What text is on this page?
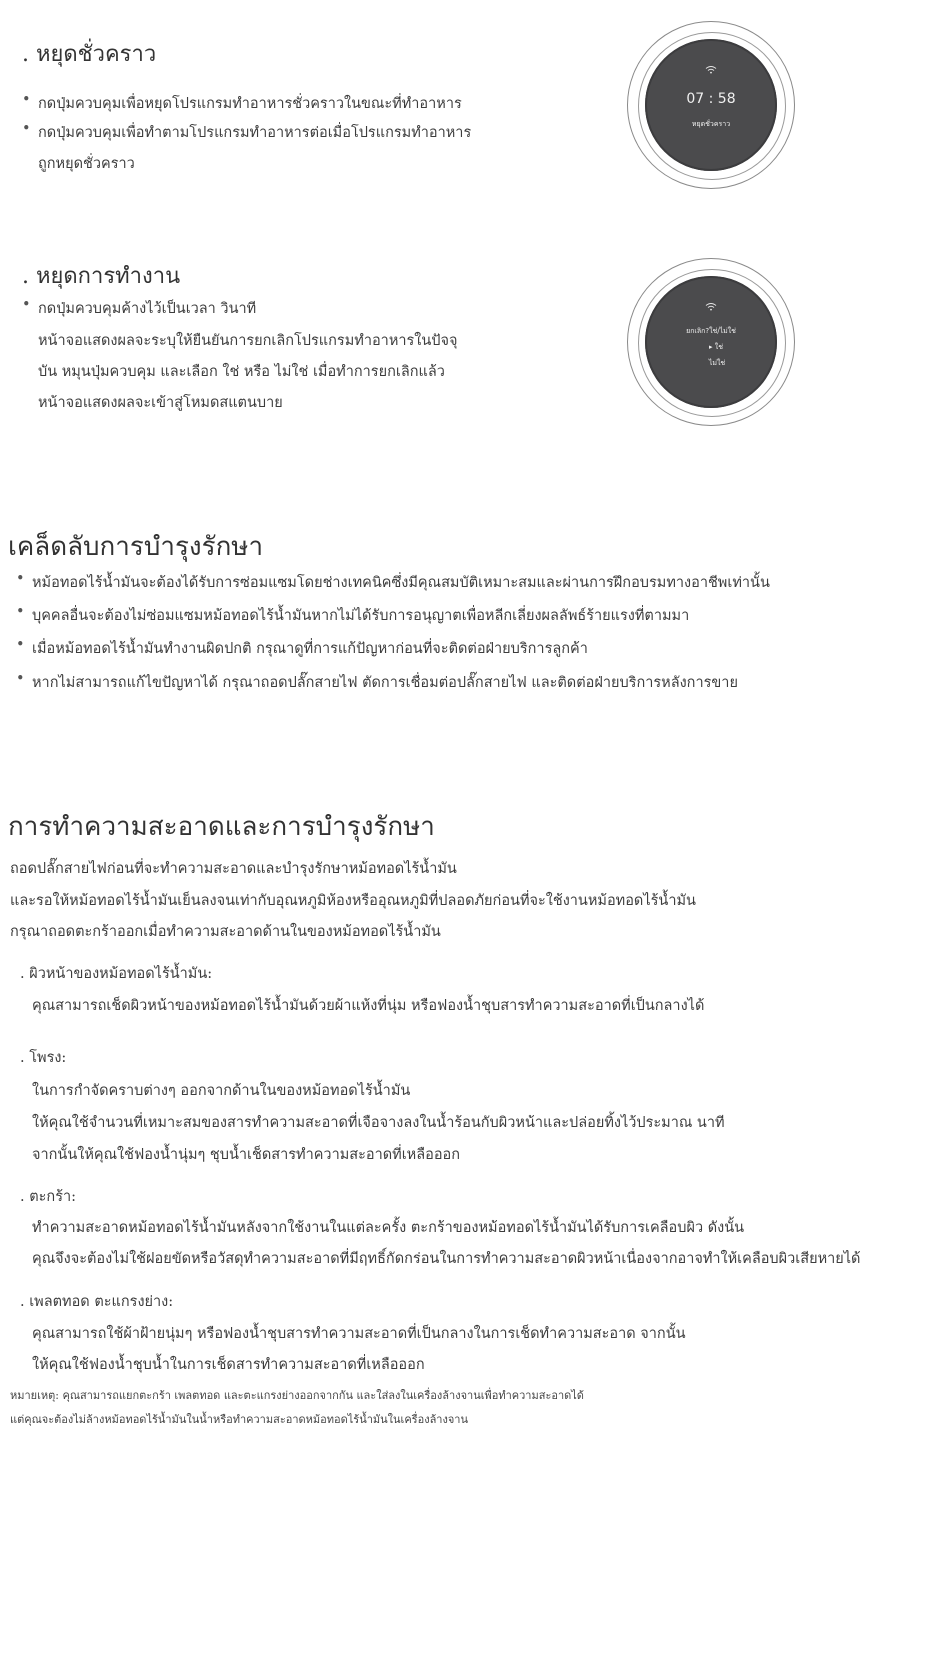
. หยุดชั่วคราว
• กดปุ่มควบคุมเพื่อหยุดโปรแกรมทำอาหารชั่วคราวในขณะที่ทำอาหาร
• กดปุ่มควบคุมเพื่อทำตามโปรแกรมทำอาหารต่อเมื่อโปรแกรมทำอาหาร
ถูกหยุดชั่วคราว
07 : 58
หยุดชั่วคราว
. หยุดการทำงาน
• กดปุ่มควบคุมค้างไว้เป็นเวลา วินาที
หน้าจอแสดงผลจะระบุให้ยืนยันการยกเลิกโปรแกรมทำอาหารในปัจจุ
บัน หมุนปุ่มควบคุม และเลือก ใช่ หรือ ไม่ใช่ เมื่อทำการยกเลิกแล้ว
หน้าจอแสดงผลจะเข้าสู่โหมดสแตนบาย
ยกเลิก?ใช่/ไม่ใช่
▸ ใช่
ไม่ใช่
เคล็ดลับการบำรุงรักษา
• หม้อทอดไร้น้ำมันจะต้องได้รับการซ่อมแซมโดยช่างเทคนิคซึ่งมีคุณสมบัติเหมาะสมและผ่านการฝึกอบรมทางอาชีพเท่านั้น
• บุคคลอื่นจะต้องไม่ซ่อมแซมหม้อทอดไร้น้ำมันหากไม่ได้รับการอนุญาตเพื่อหลีกเลี่ยงผลลัพธ์ร้ายแรงที่ตามมา
• เมื่อหม้อทอดไร้น้ำมันทำงานผิดปกติ กรุณาดูที่การแก้ปัญหาก่อนที่จะติดต่อฝ่ายบริการลูกค้า
• หากไม่สามารถแก้ไขปัญหาได้ กรุณาถอดปลั๊กสายไฟ ตัดการเชื่อมต่อปลั๊กสายไฟ และติดต่อฝ่ายบริการหลังการขาย
การทำความสะอาดและการบำรุงรักษา
ถอดปลั๊กสายไฟก่อนที่จะทำความสะอาดและบำรุงรักษาหม้อทอดไร้น้ำมัน
และรอให้หม้อทอดไร้น้ำมันเย็นลงจนเท่ากับอุณหภูมิห้องหรืออุณหภูมิที่ปลอดภัยก่อนที่จะใช้งานหม้อทอดไร้น้ำมัน
กรุณาถอดตะกร้าออกเมื่อทำความสะอาดด้านในของหม้อทอดไร้น้ำมัน
. ผิวหน้าของหม้อทอดไร้น้ำมัน:
คุณสามารถเช็ดผิวหน้าของหม้อทอดไร้น้ำมันด้วยผ้าแห้งที่นุ่ม หรือฟองน้ำชุบสารทำความสะอาดที่เป็นกลางได้
. โพรง:
ในการกำจัดคราบต่างๆ ออกจากด้านในของหม้อทอดไร้น้ำมัน
ให้คุณใช้จำนวนที่เหมาะสมของสารทำความสะอาดที่เจือจางลงในน้ำร้อนกับผิวหน้าและปล่อยทิ้งไว้ประมาณ นาที
จากนั้นให้คุณใช้ฟองน้ำนุ่มๆ ชุบน้ำเช็ดสารทำความสะอาดที่เหลือออก
. ตะกร้า:
ทำความสะอาดหม้อทอดไร้น้ำมันหลังจากใช้งานในแต่ละครั้ง ตะกร้าของหม้อทอดไร้น้ำมันได้รับการเคลือบผิว ดังนั้น
คุณจึงจะต้องไม่ใช้ฝอยขัดหรือวัสดุทำความสะอาดที่มีฤทธิ์กัดกร่อนในการทำความสะอาดผิวหน้าเนื่องจากอาจทำให้เคลือบผิวเสียหายได้
. เพลตทอด ตะแกรงย่าง:
คุณสามารถใช้ผ้าฝ้ายนุ่มๆ หรือฟองน้ำชุบสารทำความสะอาดที่เป็นกลางในการเช็ดทำความสะอาด จากนั้น
ให้คุณใช้ฟองน้ำชุบน้ำในการเช็ดสารทำความสะอาดที่เหลือออก
หมายเหตุ: คุณสามารถแยกตะกร้า เพลตทอด และตะแกรงย่างออกจากกัน และใส่ลงในเครื่องล้างจานเพื่อทำความสะอาดได้
แต่คุณจะต้องไม่ล้างหม้อทอดไร้น้ำมันในน้ำหรือทำความสะอาดหม้อทอดไร้น้ำมันในเครื่องล้างจาน
